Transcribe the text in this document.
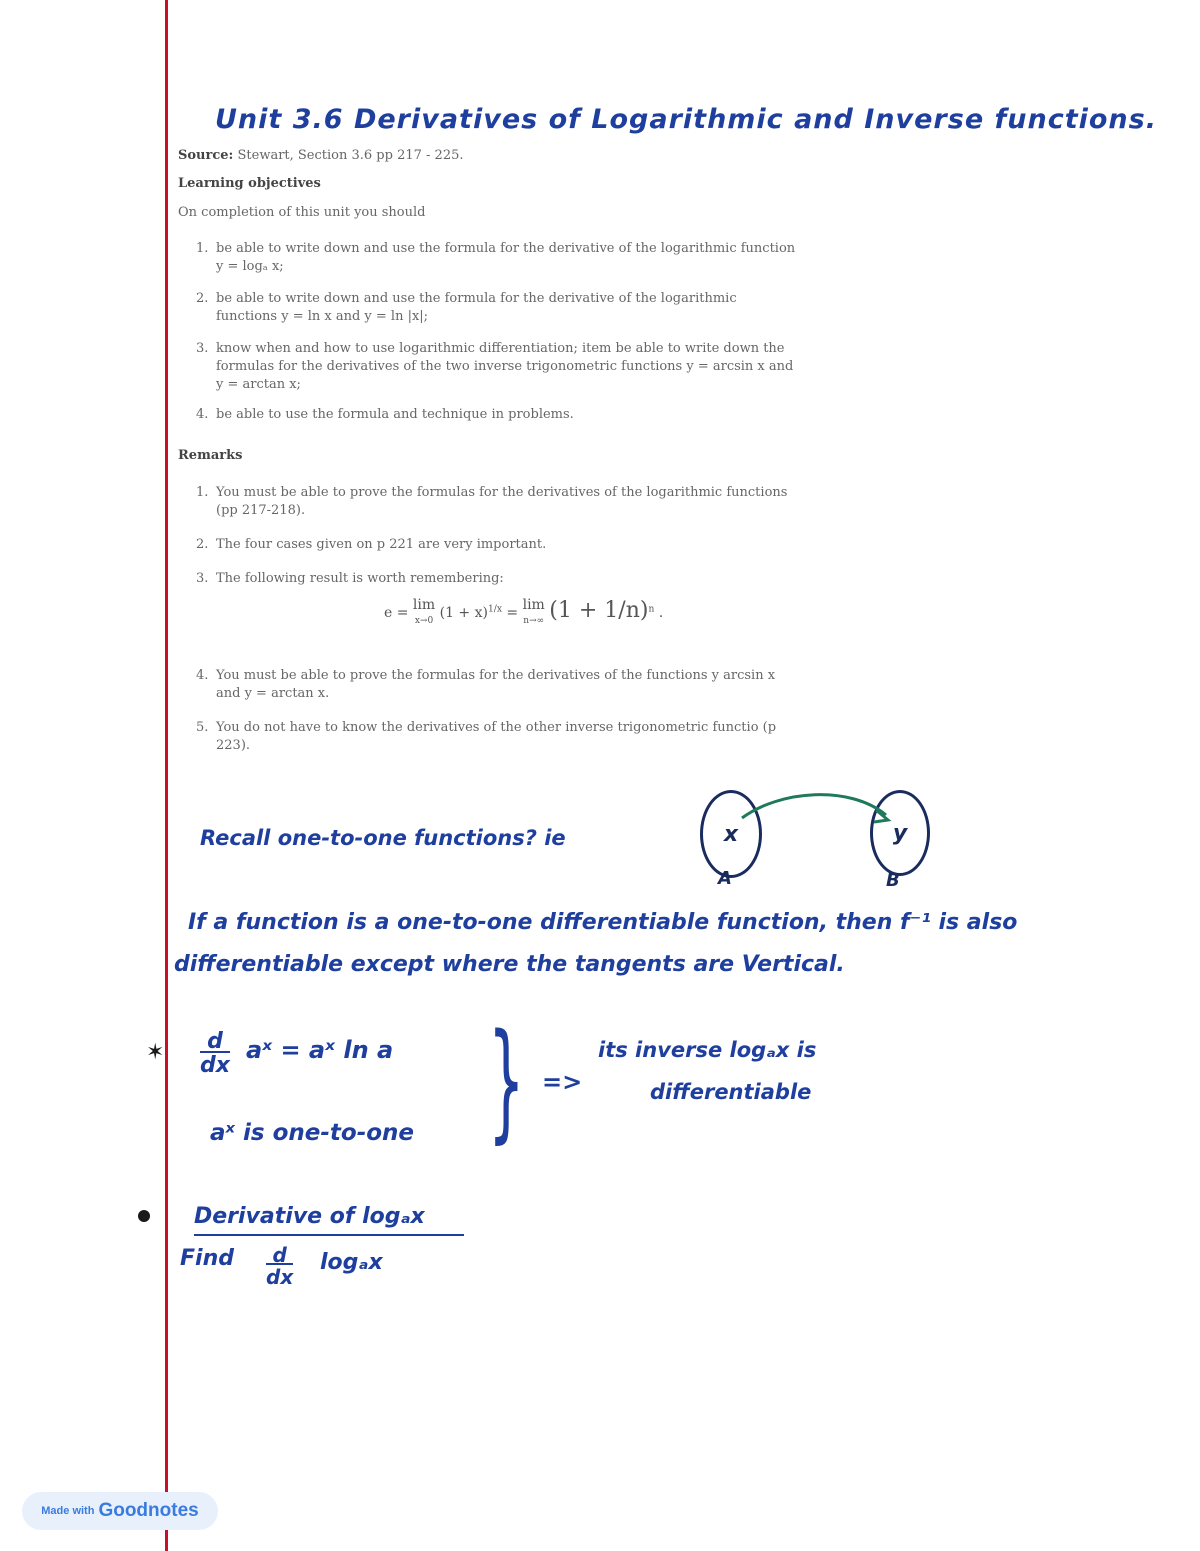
Unit 3.6 Derivatives of Logarithmic and Inverse functions.
Source: Stewart, Section 3.6 pp 217 - 225.
Learning objectives
On completion of this unit you should
1. be able to write down and use the formula for the derivative of the logarithmic function y = logₐ x;
2. be able to write down and use the formula for the derivative of the logarithmic functions y = ln x and y = ln |x|;
3. know when and how to use logarithmic differentiation; item be able to write down the formulas for the derivatives of the two inverse trigonometric functions y = arcsin x and y = arctan x;
4. be able to use the formula and technique in problems.
Remarks
1. You must be able to prove the formulas for the derivatives of the logarithmic functions (pp 217-218).
2. The four cases given on p 221 are very important.
3. The following result is worth remembering:
e = lim
x→0 $(1 + x)^{1/x} = \lim$
n→∞ $(1 + 1/n)^n$ .
4. You must be able to prove the formulas for the derivatives of the functions y arcsin x and y = arctan x.
5. You do not have to know the derivatives of the other inverse trigonometric functio (p 223).
Recall one-to-one functions? ie	x	y
A	B
If a function is a one-to-one differentiable function, then f⁻¹ is also
differentiable except where the tangents are Vertical.
✶ $\frac{d}{dx}$ aˣ = aˣ ln a
aˣ is one-to-one } =>
its inverse logₐx is
differentiable
Derivative of logₐx
Find $\frac{d}{dx}$ logₐx
Made with Goodnotes
